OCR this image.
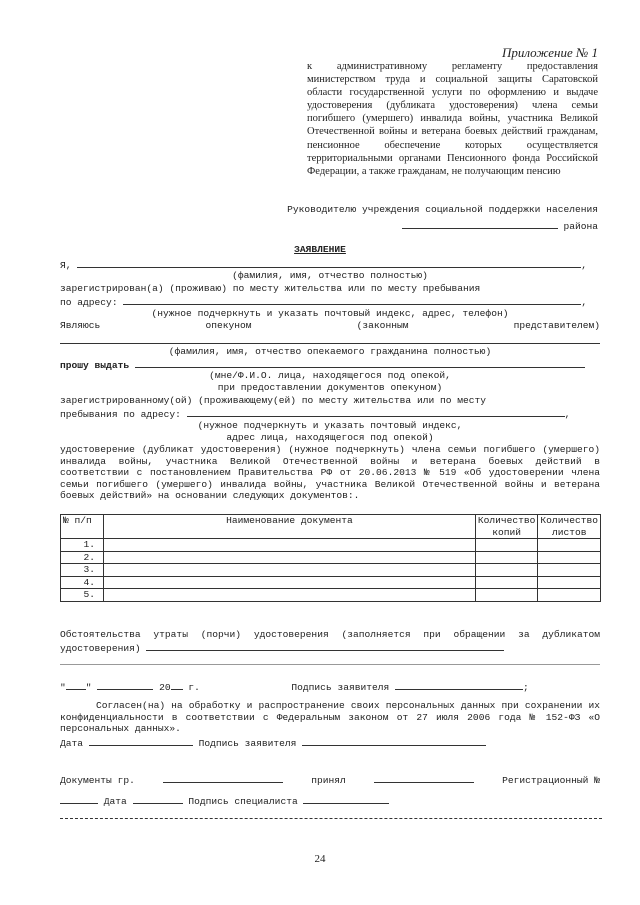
Приложение № 1
к административному регламенту предоставления министерством труда и социальной защиты Саратовской области государственной услуги по оформлению и выдаче удостоверения (дубликата удостоверения) члена семьи погибшего (умершего) инвалида войны, участника Великой Отечественной войны и ветерана боевых действий гражданам, пенсионное обеспечение которых осуществляется территориальными органами Пенсионного фонда Российской Федерации, а также гражданам, не получающим пенсию
Руководителю учреждения социальной поддержки населения
района
ЗАЯВЛЕНИЕ
Я,	,
(фамилия, имя, отчество полностью)
зарегистрирован(а) (проживаю) по месту жительства или по месту пребывания
по адресу:	,
(нужное подчеркнуть и указать почтовый индекс, адрес, телефон)
Являюсь	опекуном	(законным	представителем)
(фамилия, имя, отчество опекаемого гражданина полностью)
прошу выдать
(мне/Ф.И.О. лица, находящегося под опекой,
при предоставлении документов опекуном)
зарегистрированному(ой) (проживающему(ей) по месту жительства или по месту
пребывания по адресу:	,
(нужное подчеркнуть и указать почтовый индекс,
адрес лица, находящегося под опекой)
удостоверение (дубликат удостоверения) (нужное подчеркнуть) члена семьи погибшего (умершего) инвалида войны, участника Великой Отечественной войны и ветерана боевых действий в соответствии с постановлением Правительства РФ от 20.06.2013 № 519 «Об удостоверении члена семьи погибшего (умершего) инвалида войны, участника Великой Отечественной войны и ветерана боевых действий» на основании следующих документов:.
№ п/п	Наименование документа	Количество копий	Количество листов
1.			
2.			
3.			
4.			
5.			
Обстоятельства утраты (порчи) удостоверения (заполняется при обращении за дубликатом удостоверения)
" "	20 г.	Подпись заявителя	;
Согласен(на) на обработку и распространение своих персональных данных при сохранении их конфиденциальности в соответствии с Федеральным законом от 27 июля 2006 года № 152-ФЗ «О персональных данных».
Дата	Подпись заявителя
Документы гр.	принял	Регистрационный №
Дата	Подпись специалиста
24
